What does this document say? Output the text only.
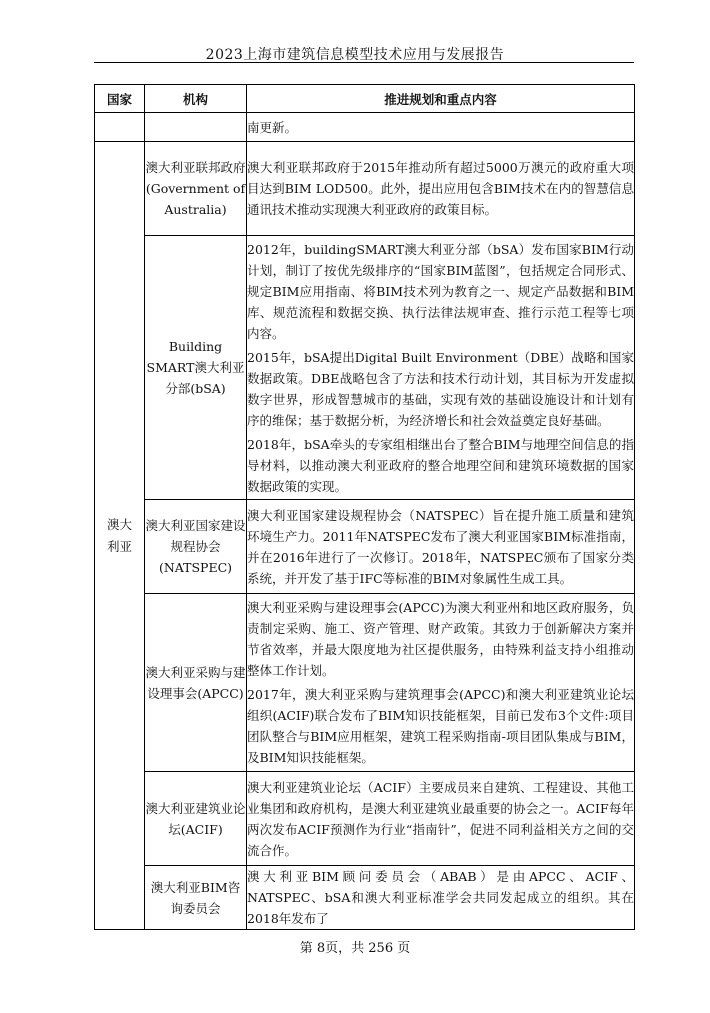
2023上海市建筑信息模型技术应用与发展报告
国家	机构	推进规划和重点内容
		南更新。

澳大利亚	澳大利亚联邦政府(Government of Australia)	澳大利亚联邦政府于2015年推动所有超过5000万澳元的政府重大项目达到BIM LOD500。此外，提出应用包含BIM技术在内的智慧信息通讯技术推动实现澳大利亚政府的政策目标。

	Building SMART澳大利亚分部(bSA)	2012年，buildingSMART澳大利亚分部（bSA）发布国家BIM行动计划，制订了按优先级排序的“国家BIM蓝图”，包括规定合同形式、规定BIM应用指南、将BIM技术列为教育之一、规定产品数据和BIM库、规范流程和数据交换、执行法律法规审查、推行示范工程等七项内容。

2015年，bSA提出Digital Built Environment（DBE）战略和国家数据政策。DBE战略包含了方法和技术行动计划，其目标为开发虚拟数字世界，形成智慧城市的基础，实现有效的基础设施设计和计划有序的维保；基于数据分析，为经济增长和社会效益奠定良好基础。

2018年，bSA牵头的专家组相继出台了整合BIM与地理空间信息的指导材料，以推动澳大利亚政府的整合地理空间和建筑环境数据的国家数据政策的实现。

	澳大利亚国家建设规程协会(NATSPEC)	澳大利亚国家建设规程协会（NATSPEC）旨在提升施工质量和建筑环境生产力。2011年NATSPEC发布了澳大利亚国家BIM标准指南，并在2016年进行了一次修订。2018年，NATSPEC颁布了国家分类系统，并开发了基于IFC等标准的BIM对象属性生成工具。

	澳大利亚采购与建设理事会(APCC)	澳大利亚采购与建设理事会(APCC)为澳大利亚州和地区政府服务，负责制定采购、施工、资产管理、财产政策。其致力于创新解决方案并节省效率，并最大限度地为社区提供服务，由特殊利益支持小组推动整体工作计划。

2017年，澳大利亚采购与建筑理事会(APCC)和澳大利亚建筑业论坛组织(ACIF)联合发布了BIM知识技能框架，目前已发布3个文件:项目团队整合与BIM应用框架，建筑工程采购指南-项目团队集成与BIM，及BIM知识技能框架。

	澳大利亚建筑业论坛(ACIF)	澳大利亚建筑业论坛（ACIF）主要成员来自建筑、工程建设、其他工业集团和政府机构，是澳大利亚建筑业最重要的协会之一。ACIF每年两次发布ACIF预测作为行业“指南针”，促进不同利益相关方之间的交流合作。

	澳大利亚BIM咨询委员会	澳大利亚BIM顾问委员会（ABAB）是由APCC、ACIF、NATSPEC、bSA和澳大利亚标准学会共同发起成立的组织。其在2018年发布了

第 8页，共 256 页
